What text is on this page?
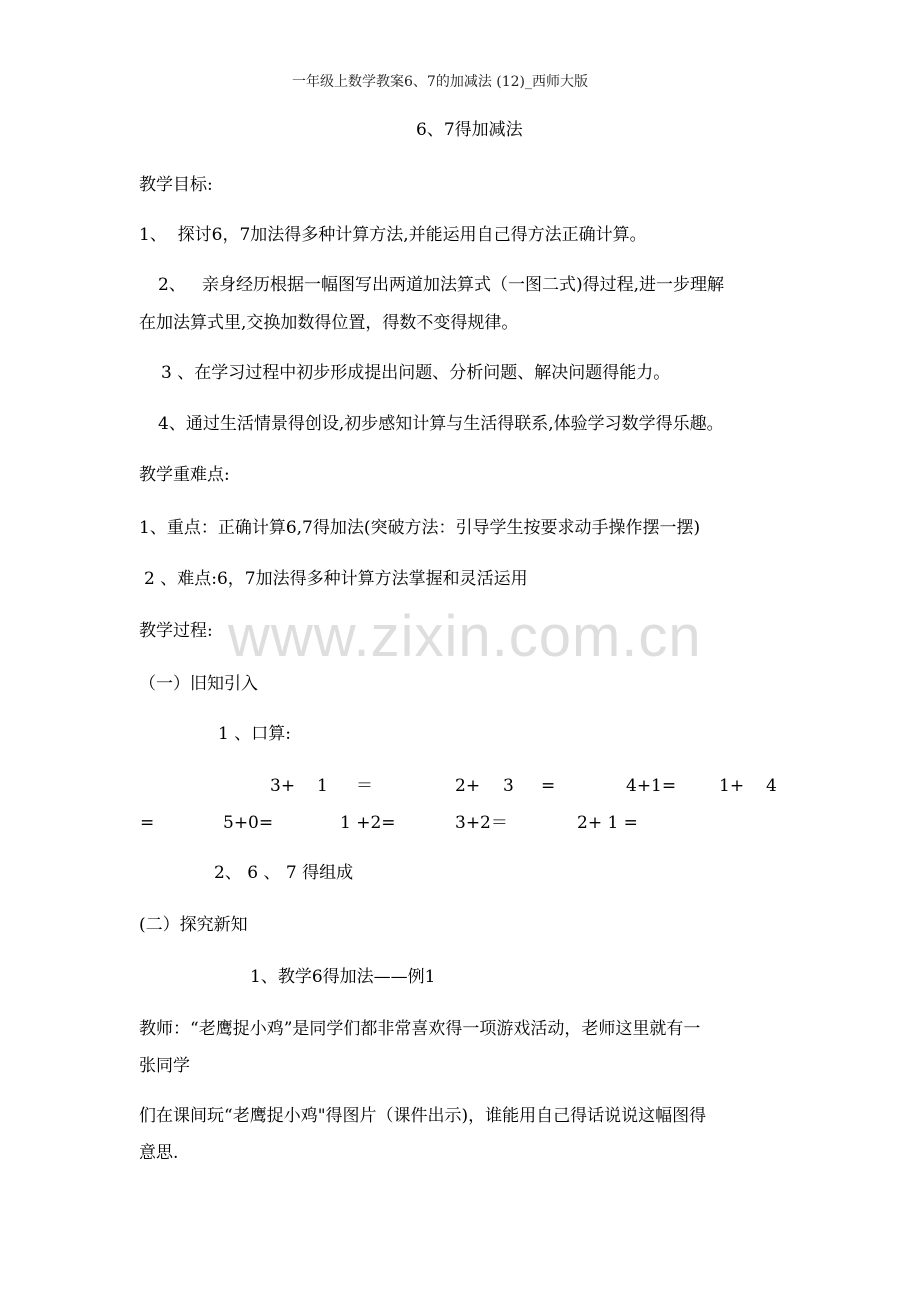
一年级上数学教案6、7的加减法 (12)_西师大版
6、7得加减法
教学目标:
1、  探讨6，7加法得多种计算方法,并能运用自己得方法正确计算。
2、   亲身经历根据一幅图写出两道加法算式（一图二式)得过程,进一步理解
在加法算式里,交换加数得位置，得数不变得规律。
3 、在学习过程中初步形成提出问题、分析问题、解决问题得能力。
4、通过生活情景得创设,初步感知计算与生活得联系,体验学习数学得乐趣。
教学重难点:
1、重点：正确计算6,7得加法(突破方法：引导学生按要求动手操作摆一摆)
2 、难点:6，7加法得多种计算方法掌握和灵活运用
教学过程: www.zixin.com.cn
（一）旧知引入
1 、口算:
3+ 1 ＝	2+ 3 =	4+1=	1+ 4
=	5+0=	1 +2=	3+2＝	2+ 1 =
2、 6 、 7 得组成
(二）探究新知
1、教学6得加法——例1
教师：“老鹰捉小鸡”是同学们都非常喜欢得一项游戏活动，老师这里就有一
张同学
们在课间玩“老鹰捉小鸡"得图片（课件出示)，谁能用自己得话说说这幅图得
意思.
